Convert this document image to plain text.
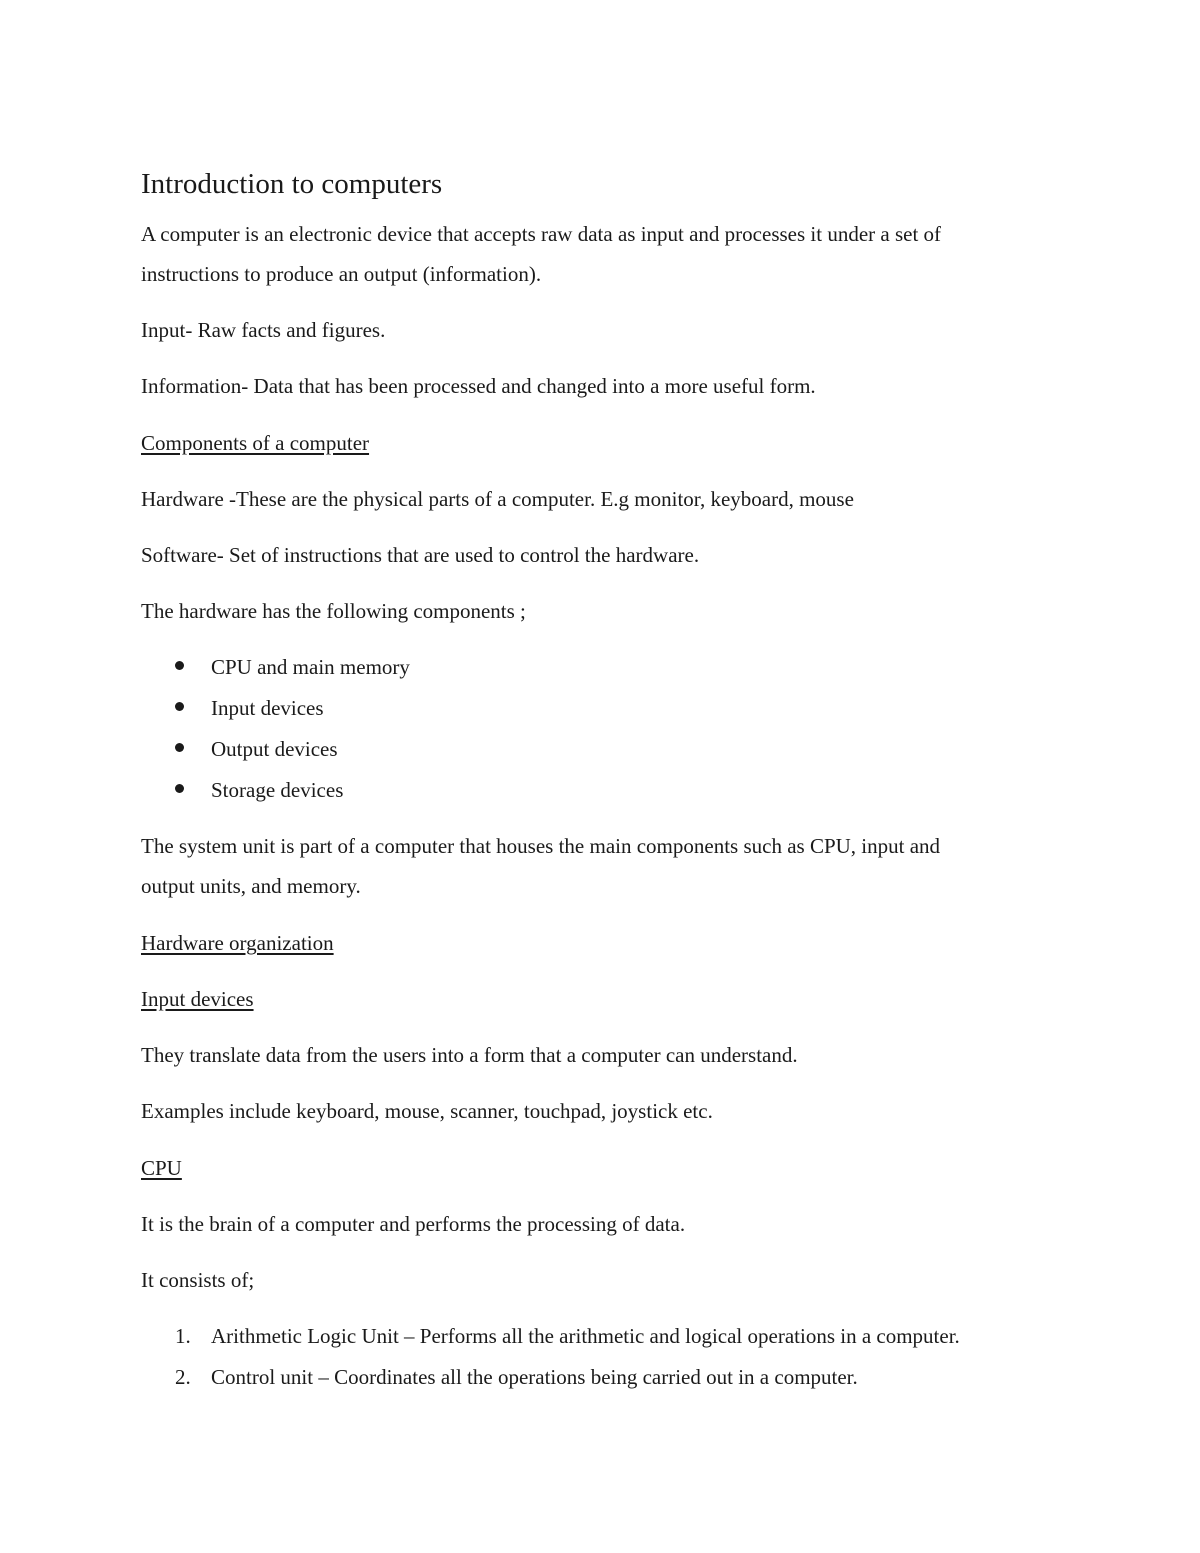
Introduction to computers

A computer is an electronic device that accepts raw data as input and processes it under a set of

instructions to produce an output (information).

Input- Raw facts and figures.

Information- Data that has been processed and changed into a more useful form.

Components of a computer

Hardware -These are the physical parts of a computer. E.g monitor, keyboard, mouse

Software- Set of instructions that are used to control the hardware.

The hardware has the following components ;

CPU and main memory

Input devices

Output devices

Storage devices

The system unit is part of a computer that houses the main components such as CPU, input and

output units, and memory.

Hardware organization

Input devices

They translate data from the users into a form that a computer can understand.

Examples include keyboard, mouse, scanner, touchpad, joystick etc.

CPU

It is the brain of a computer and performs the processing of data.

It consists of;

1. Arithmetic Logic Unit – Performs all the arithmetic and logical operations in a computer.

2. Control unit – Coordinates all the operations being carried out in a computer.
